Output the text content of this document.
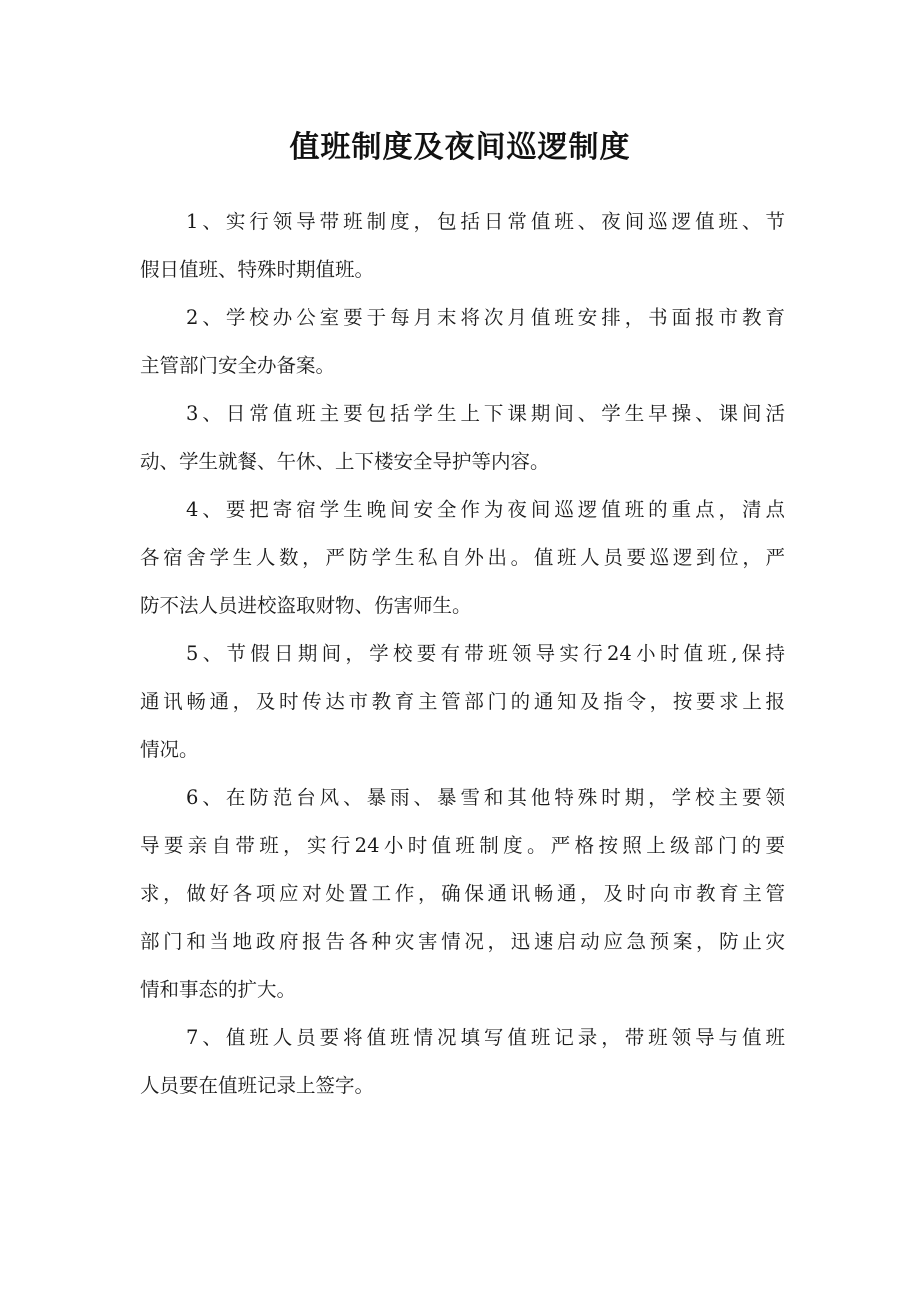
值班制度及夜间巡逻制度
1、实行领导带班制度，包括日常值班、夜间巡逻值班、节
假日值班、特殊时期值班。
2、学校办公室要于每月末将次月值班安排，书面报市教育
主管部门安全办备案。
3、日常值班主要包括学生上下课期间、学生早操、课间活
动、学生就餐、午休、上下楼安全导护等内容。
4、要把寄宿学生晚间安全作为夜间巡逻值班的重点，清点
各宿舍学生人数，严防学生私自外出。值班人员要巡逻到位，严
防不法人员进校盗取财物、伤害师生。
5、节假日期间，学校要有带班领导实行24小时值班,保持
通讯畅通，及时传达市教育主管部门的通知及指令，按要求上报
情况。
6、在防范台风、暴雨、暴雪和其他特殊时期，学校主要领
导要亲自带班，实行24小时值班制度。严格按照上级部门的要
求，做好各项应对处置工作，确保通讯畅通，及时向市教育主管
部门和当地政府报告各种灾害情况，迅速启动应急预案，防止灾
情和事态的扩大。
7、值班人员要将值班情况填写值班记录，带班领导与值班
人员要在值班记录上签字。
